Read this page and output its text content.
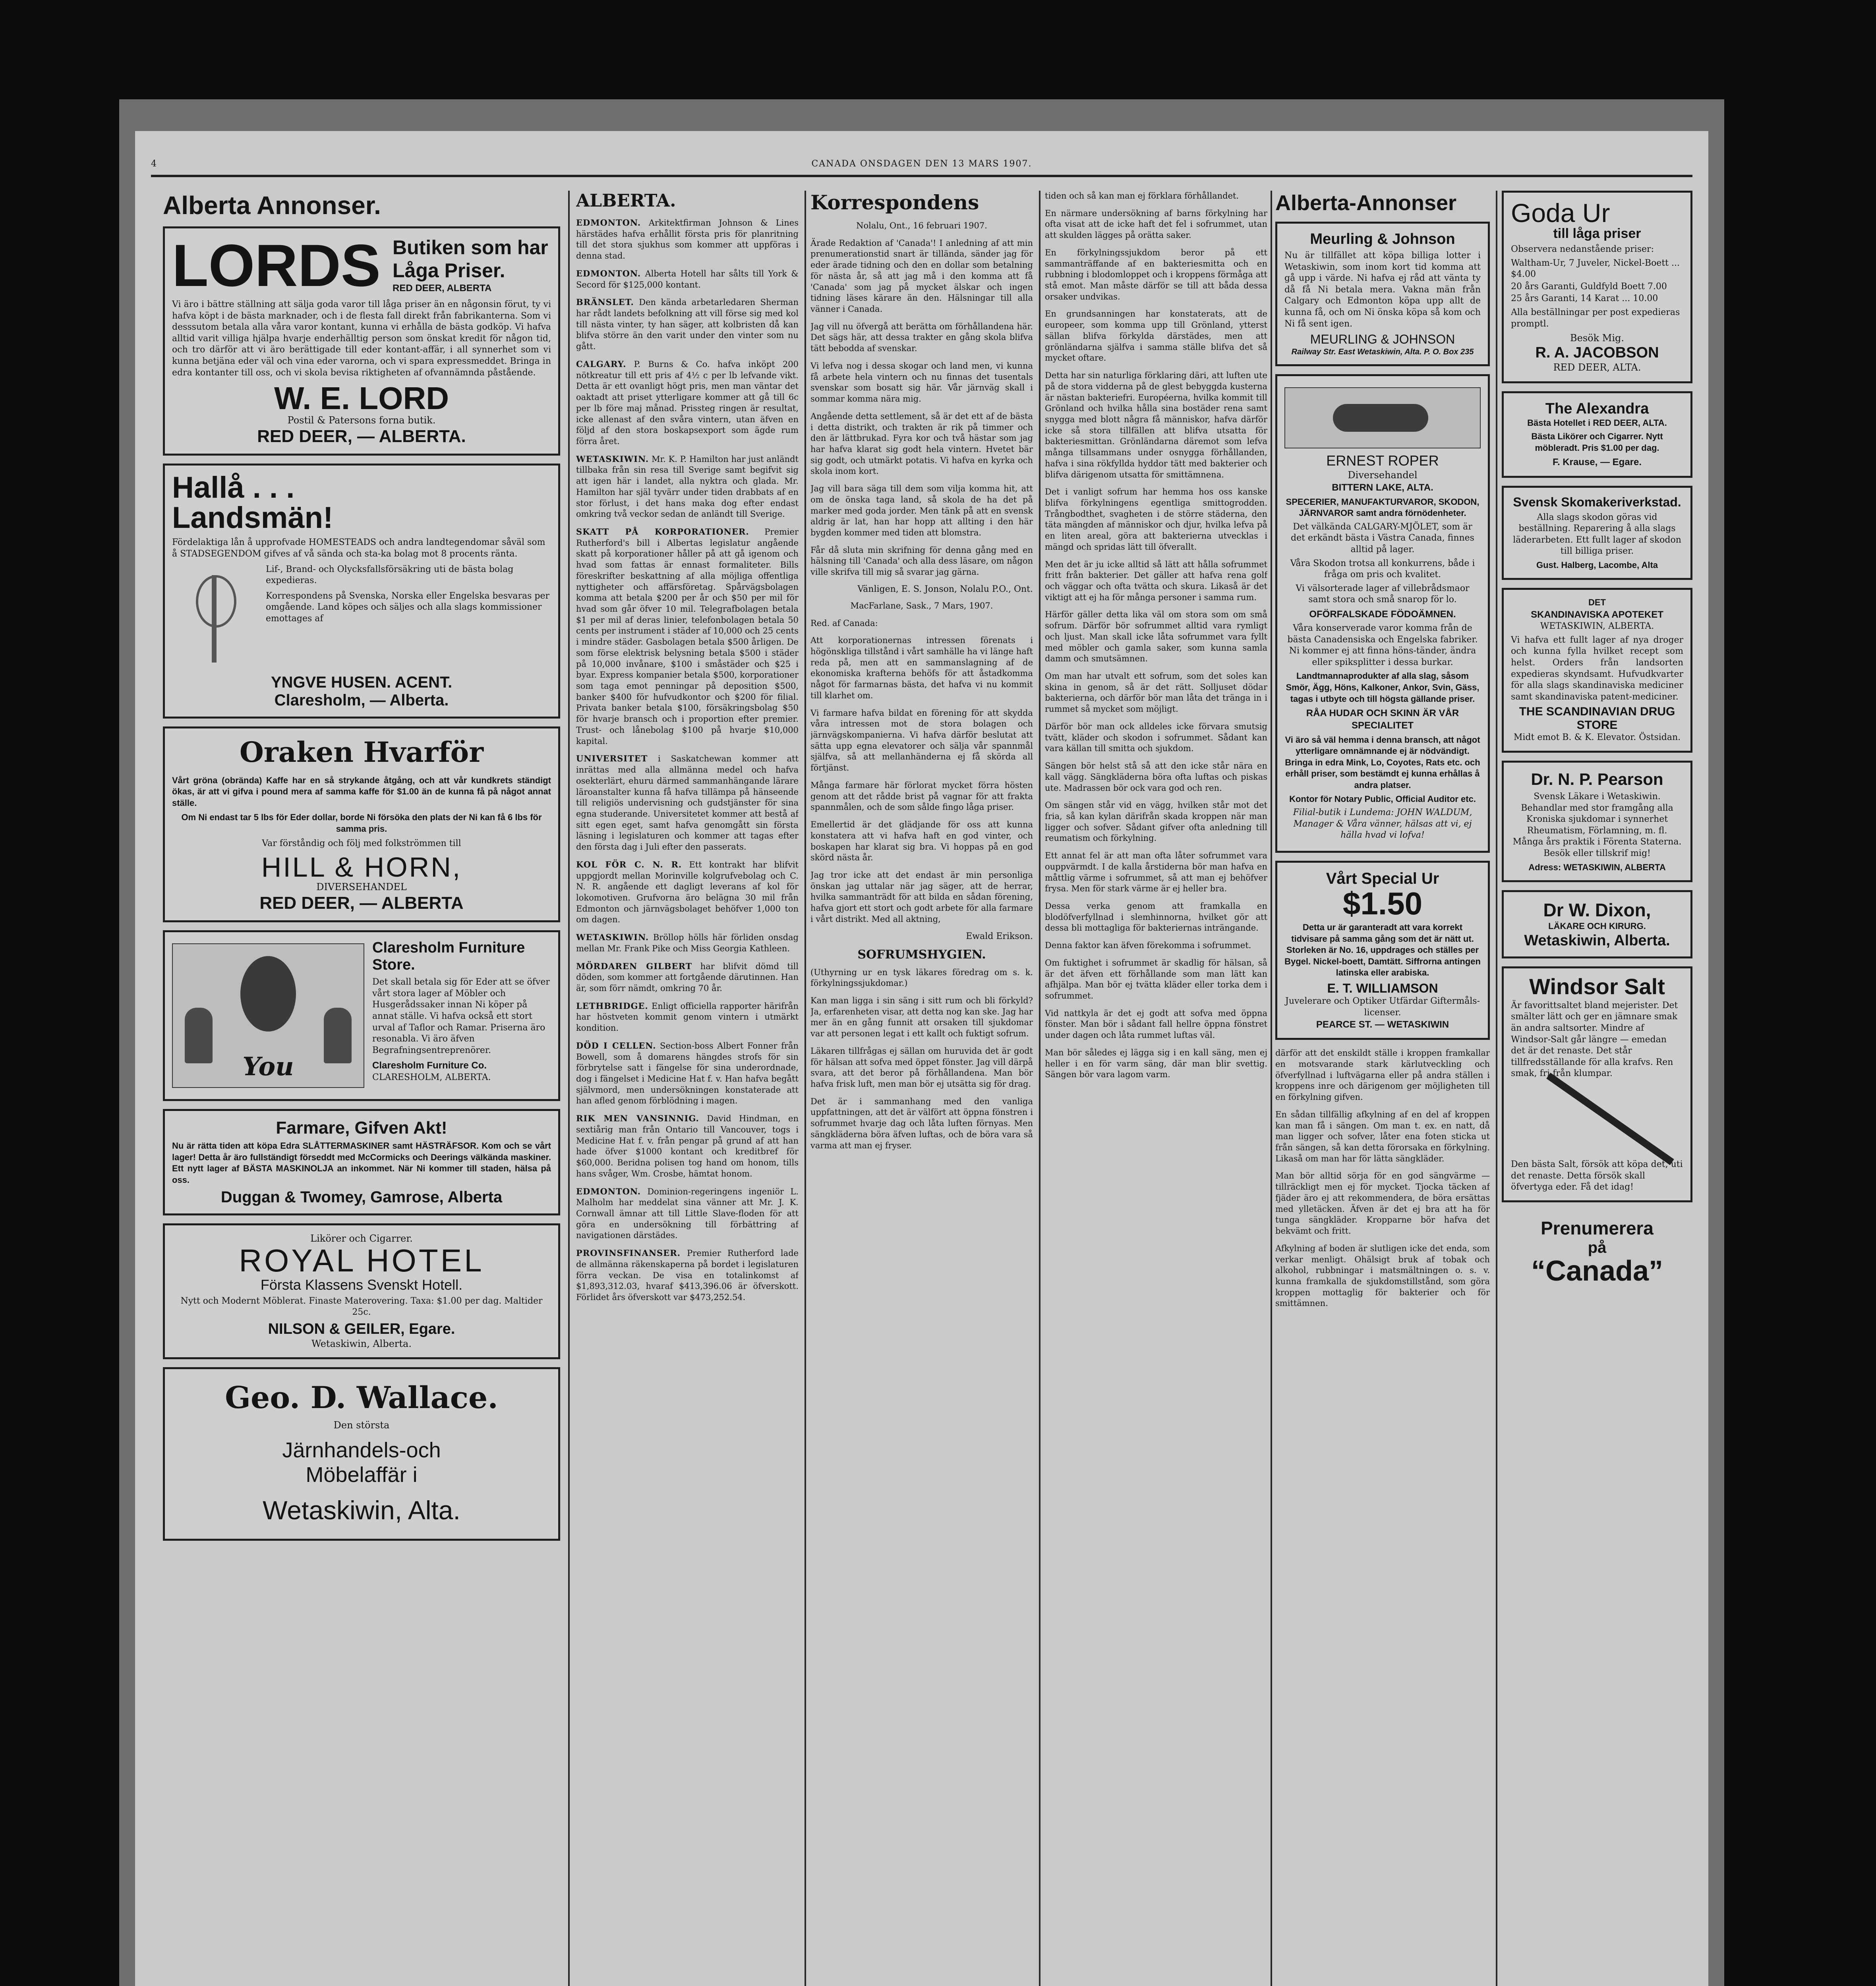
4	CANADA ONSDAGEN DEN 13 MARS 1907.
Alberta Annonser.
LORDS Butiken som har
Låga Priser.
RED DEER, ALBERTA
Vi äro i bättre ställning att sälja goda varor till låga priser än en någonsin förut, ty vi hafva köpt i de bästa marknader, och i de flesta fall direkt från fabrikanterna. Som vi desssutom betala alla våra varor kontant, kunna vi erhålla de bästa godköp. Vi hafva alltid varit villiga hjälpa hvarje enderhälltig person som önskat kredit för någon tid, och tro därför att vi äro berättigade till eder kontant-affär, i all synnerhet som vi kunna betjäna eder väl och vina eder varorna, och vi spara expressmeddet. Bringa in edra kontanter till oss, och vi skola bevisa riktigheten af ofvannämnda påstående.
W. E. LORD
Postil & Patersons forna butik.
RED DEER, — ALBERTA.
Hallå . . .
Landsmän!
Fördelaktiga lån å upprofvade HOMESTEADS och andra landtegendomar såväl som å STADSEGENDOM gifves af vå sända och sta-ka bolag mot 8 procents ränta.
Lif-, Brand- och Olycksfallsförsäkring uti de bästa bolag expedieras.
Korrespondens på Svenska, Norska eller Engelska besvaras per omgående. Land köpes och säljes och alla slags kommissioner emottages af
YNGVE HUSEN. ACENT.
Claresholm, — Alberta.
Oraken Hvarför
Vårt gröna (obrända) Kaffe har en så strykande åtgång, och att vår kundkrets ständigt ökas, är att vi gifva i pound mera af samma kaffe för $1.00 än de kunna få på något annat ställe.
Om Ni endast tar 5 lbs för Eder dollar, borde Ni försöka den plats der Ni kan få 6 lbs för samma pris.
Var förståndig och följ med folkströmmen till
HILL & HORN,
DIVERSEHANDEL
RED DEER, — ALBERTA
You
Claresholm Furniture Store.
Det skall betala sig för Eder att se öfver vårt stora lager af Möbler och Husgerådssaker innan Ni köper på annat ställe. Vi hafva också ett stort urval af Taflor och Ramar. Priserna äro resonabla. Vi äro äfven Begrafningsentreprenörer.
Claresholm Furniture Co.
CLARESHOLM, ALBERTA.
Farmare, Gifven Akt!
Nu är rätta tiden att köpa Edra SLÅTTERMASKINER samt HÄSTRÄFSOR. Kom och se vårt lager! Detta år äro fullständigt förseddt med McCormicks och Deerings välkända maskiner. Ett nytt lager af BÄSTA MASKINOLJA an inkommet. När Ni kommer till staden, hälsa på oss.
Duggan & Twomey, Gamrose, Alberta
Likörer och Cigarrer.
ROYAL HOTEL
Första Klassens Svenskt Hotell.
Nytt och Modernt Möblerat. Finaste Materovering. Taxa: $1.00 per dag. Maltider 25c.
NILSON & GEILER, Egare.
Wetaskiwin, Alberta.
Geo. D. Wallace.
Den största
Järnhandels-och
Möbelaffär i
Wetaskiwin, Alta.
ALBERTA.
EDMONTON. Arkitektfirman Johnson & Lines härstädes hafva erhållit första pris för planritning till det stora sjukhus som kommer att uppföras i denna stad.
EDMONTON. Alberta Hotell har sålts till York & Secord för $125,000 kontant.
BRÄNSLET. Den kända arbetarledaren Sherman har rådt landets befolkning att vill förse sig med kol till nästa vinter, ty han säger, att kolbristen då kan blifva större än den varit under den vinter som nu gått.
CALGARY. P. Burns & Co. hafva inköpt 200 nötkreatur till ett pris af 4½ c per lb lefvande vikt. Detta är ett ovanligt högt pris, men man väntar det oaktadt att priset ytterligare kommer att gå till 6c per lb före maj månad. Prissteg ringen är resultat, icke allenast af den svåra vintern, utan äfven en följd af den stora boskapsexport som ägde rum förra året.
WETASKIWIN. Mr. K. P. Hamilton har just anländt tillbaka från sin resa till Sverige samt begifvit sig att igen här i landet, alla nyktra och glada. Mr. Hamilton har själ tyvärr under tiden drabbats af en stor förlust, i det hans maka dog efter endast omkring två veckor sedan de anländt till Sverige.
SKATT PÅ KORPORATIONER. Premier Rutherford's bill i Albertas legislatur angående skatt på korporationer håller på att gå igenom och hvad som fattas är ennast formaliteter. Bills föreskrifter beskattning af alla möjliga offentliga nyttigheter och affärsföretag. Spårvägsbolagen komma att betala $200 per år och $50 per mil för hvad som går öfver 10 mil. Telegrafbolagen betala $1 per mil af deras linier, telefonbolagen betala 50 cents per instrument i städer af 10,000 och 25 cents i mindre städer. Gasbolagen betala $500 årligen. De som förse elektrisk belysning betala $500 i städer på 10,000 invånare, $100 i småstäder och $25 i byar. Express kompanier betala $500, korporationer som taga emot penningar på deposition $500, banker $400 för hufvudkontor och $200 för filial. Privata banker betala $100, försäkringsbolag $50 för hvarje bransch och i proportion efter premier. Trust- och lånebolag $100 på hvarje $10,000 kapital.
UNIVERSITET i Saskatchewan kommer att inrättas med alla allmänna medel och hafva osekterlärt, ehuru därmed sammanhängande lärare läroanstalter kunna få hafva tillämpa på hänseende till religiös undervisning och gudstjänster för sina egna studerande. Universitetet kommer att bestå af sitt egen eget, samt hafva genomgått sin första läsning i legislaturen och kommer att tagas efter den första dag i Juli efter den passerats.
KOL FÖR C. N. R. Ett kontrakt har blifvit uppgjordt mellan Morinville kolgrufvebolag och C. N. R. angående ett dagligt leverans af kol för lokomotiven. Grufvorna äro belägna 30 mil från Edmonton och järnvägsbolaget behöfver 1,000 ton om dagen.
WETASKIWIN. Bröllop hölls här förliden onsdag mellan Mr. Frank Pike och Miss Georgia Kathleen.
MÖRDAREN GILBERT har blifvit dömd till döden, som kommer att fortgående därutinnen. Han är, som förr nämdt, omkring 70 år.
LETHBRIDGE. Enligt officiella rapporter härifrån har höstveten kommit genom vintern i utmärkt kondition.
DÖD I CELLEN. Section-boss Albert Fonner från Bowell, som å domarens hängdes strofs för sin förbrytelse satt i fängelse för sina underordnade, dog i fängelset i Medicine Hat f. v. Han hafva begått självmord, men undersökningen konstaterade att han afled genom förblödning i magen.
RIK MEN VANSINNIG. David Hindman, en sextiårig man från Ontario till Vancouver, togs i Medicine Hat f. v. från pengar på grund af att han hade öfver $1000 kontant och kreditbref för $60,000. Beridna polisen tog hand om honom, tills hans svåger, Wm. Crosbe, hämtat honom.
EDMONTON. Dominion-regeringens ingeniör L. Malholm har meddelat sina vänner att Mr. J. K. Cornwall ämnar att till Little Slave-floden för att göra en undersökning till förbättring af navigationen därstädes.
PROVINSFINANSER. Premier Rutherford lade de allmänna räkenskaperna på bordet i legislaturen förra veckan. De visa en totalinkomst af $1,893,312.03, hvaraf $413,396.06 är öfverskott. Förlidet års öfverskott var $473,252.54.
Korrespondens
Nolalu, Ont., 16 februari 1907.
Ärade Redaktion af 'Canada'! I anledning af att min prenumerationstid snart är tillända, sänder jag för eder ärade tidning och den en dollar som betalning för nästa år, så att jag må i den komma att få 'Canada' som jag på mycket älskar och ingen tidning läses kärare än den. Hälsningar till alla vänner i Canada.
Jag vill nu öfvergå att berätta om förhållandena här. Det sägs här, att dessa trakter en gång skola blifva tätt bebodda af svenskar.
Vi lefva nog i dessa skogar och land men, vi kunna få arbete hela vintern och nu finnas det tusentals svenskar som bosatt sig här. Vår järnväg skall i sommar komma nära mig.
Angående detta settlement, så är det ett af de bästa i detta distrikt, och trakten är rik på timmer och den är lättbrukad. Fyra kor och två hästar som jag har hafva klarat sig godt hela vintern. Hvetet bär sig godt, och utmärkt potatis. Vi hafva en kyrka och skola inom kort.
Jag vill bara säga till dem som vilja komma hit, att om de önska taga land, så skola de ha det på marker med goda jorder. Men tänk på att en svensk aldrig är lat, han har hopp att allting i den här bygden kommer med tiden att blomstra.
Får då sluta min skrifning för denna gång med en hälsning till 'Canada' och alla dess läsare, om någon ville skrifva till mig så svarar jag gärna.
Vänligen, E. S. Jonson, Nolalu P.O., Ont.
MacFarlane, Sask., 7 Mars, 1907.
Red. af Canada:
Att korporationernas intressen förenats i högönskliga tillstånd i vårt samhälle ha vi länge haft reda på, men att en sammanslagning af de ekonomiska krafterna behöfs för att åstadkomma något för farmarnas bästa, det hafva vi nu kommit till klarhet om.
Vi farmare hafva bildat en förening för att skydda våra intressen mot de stora bolagen och järnvägskompanierna. Vi hafva därför beslutat att sätta upp egna elevatorer och sälja vår spannmål själfva, så att mellanhänderna ej få skörda all förtjänst.
Många farmare här förlorat mycket förra hösten genom att det rådde brist på vagnar för att frakta spannmålen, och de som sålde fingo låga priser.
Emellertid är det glädjande för oss att kunna konstatera att vi hafva haft en god vinter, och boskapen har klarat sig bra. Vi hoppas på en god skörd nästa år.
Jag tror icke att det endast är min personliga önskan jag uttalar när jag säger, att de herrar, hvilka sammanträdt för att bilda en sådan förening, hafva gjort ett stort och godt arbete för alla farmare i vårt distrikt. Med all aktning,
Ewald Erikson.
SOFRUMSHYGIEN.
(Uthyrning ur en tysk läkares föredrag om s. k. förkylningssjukdomar.)
Kan man ligga i sin säng i sitt rum och bli förkyld? Ja, erfarenheten visar, att detta nog kan ske. Jag har mer än en gång funnit att orsaken till sjukdomar var att personen legat i ett kallt och fuktigt sofrum.
Läkaren tillfrågas ej sällan om huruvida det är godt för hälsan att sofva med öppet fönster. Jag vill därpå svara, att det beror på förhållandena. Man bör hafva frisk luft, men man bör ej utsätta sig för drag.
Det är i sammanhang med den vanliga uppfattningen, att det är välfört att öppna fönstren i sofrummet hvarje dag och låta luften förnyas. Men sängkläderna böra äfven luftas, och de böra vara så varma att man ej fryser.
tiden och så kan man ej förklara förhållandet.
En närmare undersökning af barns förkylning har ofta visat att de icke haft det fel i sofrummet, utan att skulden lägges på orätta saker.
En förkylningssjukdom beror på ett sammanträffande af en bakteriesmitta och en rubbning i blodomloppet och i kroppens förmåga att stå emot. Man måste därför se till att båda dessa orsaker undvikas.
En grundsanningen har konstaterats, att de europeer, som komma upp till Grönland, ytterst sällan blifva förkylda därstädes, men att grönländarna själfva i samma ställe blifva det så mycket oftare.
Detta har sin naturliga förklaring däri, att luften ute på de stora vidderna på de glest bebyggda kusterna är nästan bakteriefri. Européerna, hvilka kommit till Grönland och hvilka hålla sina bostäder rena samt snygga med blott några få människor, hafva därför icke så stora tillfällen att blifva utsatta för bakteriesmittan. Grönländarna däremot som lefva många tillsammans under osnygga förhållanden, hafva i sina rökfyllda hyddor tätt med bakterier och blifva därigenom utsatta för smittämnena.
Det i vanligt sofrum har hemma hos oss kanske blifva förkylningens egentliga smittogrodden. Trångbodthet, svagheten i de större städerna, den täta mängden af människor och djur, hvilka lefva på en liten areal, göra att bakterierna utvecklas i mängd och spridas lätt till öfverallt.
Men det är ju icke alltid så lätt att hålla sofrummet fritt från bakterier. Det gäller att hafva rena golf och väggar och ofta tvätta och skura. Likaså är det viktigt att ej ha för många personer i samma rum.
Härför gäller detta lika väl om stora som om små sofrum. Därför bör sofrummet alltid vara rymligt och ljust. Man skall icke låta sofrummet vara fyllt med möbler och gamla saker, som kunna samla damm och smutsämnen.
Om man har utvalt ett sofrum, som det soles kan skina in genom, så är det rätt. Solljuset dödar bakterierna, och därför bör man låta det tränga in i rummet så mycket som möjligt.
Därför bör man ock alldeles icke förvara smutsig tvätt, kläder och skodon i sofrummet. Sådant kan vara källan till smitta och sjukdom.
Sängen bör helst stå så att den icke står nära en kall vägg. Sängkläderna böra ofta luftas och piskas ute. Madrassen bör ock vara god och ren.
Om sängen står vid en vägg, hvilken står mot det fria, så kan kylan därifrån skada kroppen när man ligger och sofver. Sådant gifver ofta anledning till reumatism och förkylning.
Ett annat fel är att man ofta låter sofrummet vara ouppvärmdt. I de kalla årstiderna bör man hafva en måttlig värme i sofrummet, så att man ej behöfver frysa. Men för stark värme är ej heller bra.
Dessa verka genom att framkalla en blodöfverfyllnad i slemhinnorna, hvilket gör att dessa bli mottagliga för bakteriernas inträngande.
Denna faktor kan äfven förekomma i sofrummet.
Om fuktighet i sofrummet är skadlig för hälsan, så är det äfven ett förhållande som man lätt kan afhjälpa. Man bör ej tvätta kläder eller torka dem i sofrummet.
Vid nattkyla är det ej godt att sofva med öppna fönster. Man bör i sådant fall hellre öppna fönstret under dagen och låta rummet luftas väl.
Man bör således ej lägga sig i en kall säng, men ej heller i en för varm säng, där man blir svettig. Sängen bör vara lagom varm.
Alberta-Annonser
Meurling & Johnson
Nu är tillfället att köpa billiga lotter i Wetaskiwin, som inom kort tid komma att gå upp i värde. Ni hafva ej råd att vänta ty då få Ni betala mera. Vakna män från Calgary och Edmonton köpa upp allt de kunna få, och om Ni önska köpa så kom och Ni få sent igen.
MEURLING & JOHNSON
Railway Str. East Wetaskiwin, Alta. P. O. Box 235
ERNEST ROPER
Diversehandel
BITTERN LAKE, ALTA.
SPECERIER, MANUFAKTURVAROR, SKODON, JÄRNVAROR samt andra förnödenheter.
Det välkända CALGARY-MJÖLET, som är det erkändt bästa i Västra Canada, finnes alltid på lager.
Våra Skodon trotsa all konkurrens, både i fråga om pris och kvalitet.
Vi välsorterade lager af villebrådsmaor samt stora och små snarор för lo.
OFÖRFALSKADE FÖDOÄMNEN.
Våra konserverade varor komma från de bästa Canadensiska och Engelska fabriker. Ni kommer ej att finna höns-tänder, ändra eller spiksplitter i dessa burkar.
Landtmannaprodukter af alla slag, såsom Smör, Ägg, Höns, Kalkoner, Ankor, Svin, Gäss, tagas i utbyte och till högsta gällande priser.
RÅA HUDAR OCH SKINN ÄR VÅR SPECIALITET
Vi äro så väl hemma i denna bransch, att något ytterligare omnämnande ej är nödvändigt. Bringa in edra Mink, Lo, Coyotes, Rats etc. och erhåll priser, som bestämdt ej kunna erhållas å andra platser.
Kontor för Notary Public, Official Auditor etc.
Filial-butik i Lundema: JOHN WALDUM, Manager & Våra vänner, hälsas att vi, ej hälla hvad vi lofva!
Vårt Special Ur
$1.50
Detta ur är garanteradt att vara korrekt tidvisare på samma gång som det är nätt ut. Storleken är No. 16, uppdrages och ställes per Bygel. Nickel-boett, Damtätt. Siffrorna antingen latinska eller arabiska.
E. T. WILLIAMSON
Juvelerare och Optiker Utfärdar Giftermåls-licenser.
PEARCE ST. — WETASKIWIN
därför att det enskildt ställe i kroppen framkallar en motsvarande stark kärlutveckling och öfverfyllnad i luftvägarna eller på andra ställen i kroppens inre och därigenom ger möjligheten till en förkylning gifven.
En sådan tillfällig afkylning af en del af kroppen kan man få i sängen. Om man t. ex. en natt, då man ligger och sofver, låter ena foten sticka ut från sängen, så kan detta förorsaka en förkylning. Likaså om man har för lätta sängkläder.
Man bör alltid sörja för en god sängvärme — tillräckligt men ej för mycket. Tjocka täcken af fjäder äro ej att rekommendera, de böra ersättas med ylletäcken. Äfven är det ej bra att ha för tunga sängkläder. Kropparne bör hafva det bekvämt och fritt.
Afkylning af boden är slutligen icke det enda, som verkar menligt. Ohälsigt bruk af tobak och alkohol, rubbningar i matsmältningen o. s. v. kunna framkalla de sjukdomstillstånd, som göra kroppen mottaglig för bakterier och för smittämnen.
Goda Ur
till låga priser
Observera nedanstående priser:
Waltham-Ur, 7 Juveler, Nickel-Boett ... $4.00
20 års Garanti, Guldfyld Boett 7.00
25 års Garanti, 14 Karat ... 10.00
Alla beställningar per post expedieras promptl.
Besök Mig.
R. A. JACOBSON
RED DEER, ALTA.
The Alexandra
Bästa Hotellet i RED DEER, ALTA.
Bästa Likörer och Cigarrer. Nytt möbleradt. Pris $1.00 per dag.
F. Krause, — Egare.
Svensk Skomakeriverkstad.
Alla slags skodon göras vid beställning. Reparering å alla slags läderarbeten. Ett fullt lager af skodon till billiga priser.
Gust. Halberg, Lacombe, Alta
DET
SKANDINAVISKA APOTEKET
WETASKIWIN, ALBERTA.
Vi hafva ett fullt lager af nya droger och kunna fylla hvilket recept som helst. Orders från landsorten expedieras skyndsamt. Hufvudkvarter för alla slags skandinaviska mediciner samt skandinaviska patent-mediciner.
THE SCANDINAVIAN DRUG STORE
Midt emot B. & K. Elevator. Östsidan.
Dr. N. P. Pearson
Svensk Läkare i Wetaskiwin. Behandlar med stor framgång alla Kroniska sjukdomar i synnerhet Rheumatism, Förlamning, m. fl. Många års praktik i Förenta Staterna. Besök eller tillskrif mig!
Adress: WETASKIWIN, ALBERTA
Dr W. Dixon,
LÄKARE OCH KIRURG.
Wetaskiwin, Alberta.
Windsor Salt
Är favorittsaltet bland mejerister. Det smälter lätt och ger en jämnare smak än andra saltsorter. Mindre af Windsor-Salt går längre — emedan det är det renaste. Det står tillfredsställande för alla krafvs. Ren smak, fri från klumpar.
Den bästa Salt, försök att köpa det, uti det renaste. Detta försök skall öfvertyga eder. Få det idag!
Prenumerera
på
“Canada”
